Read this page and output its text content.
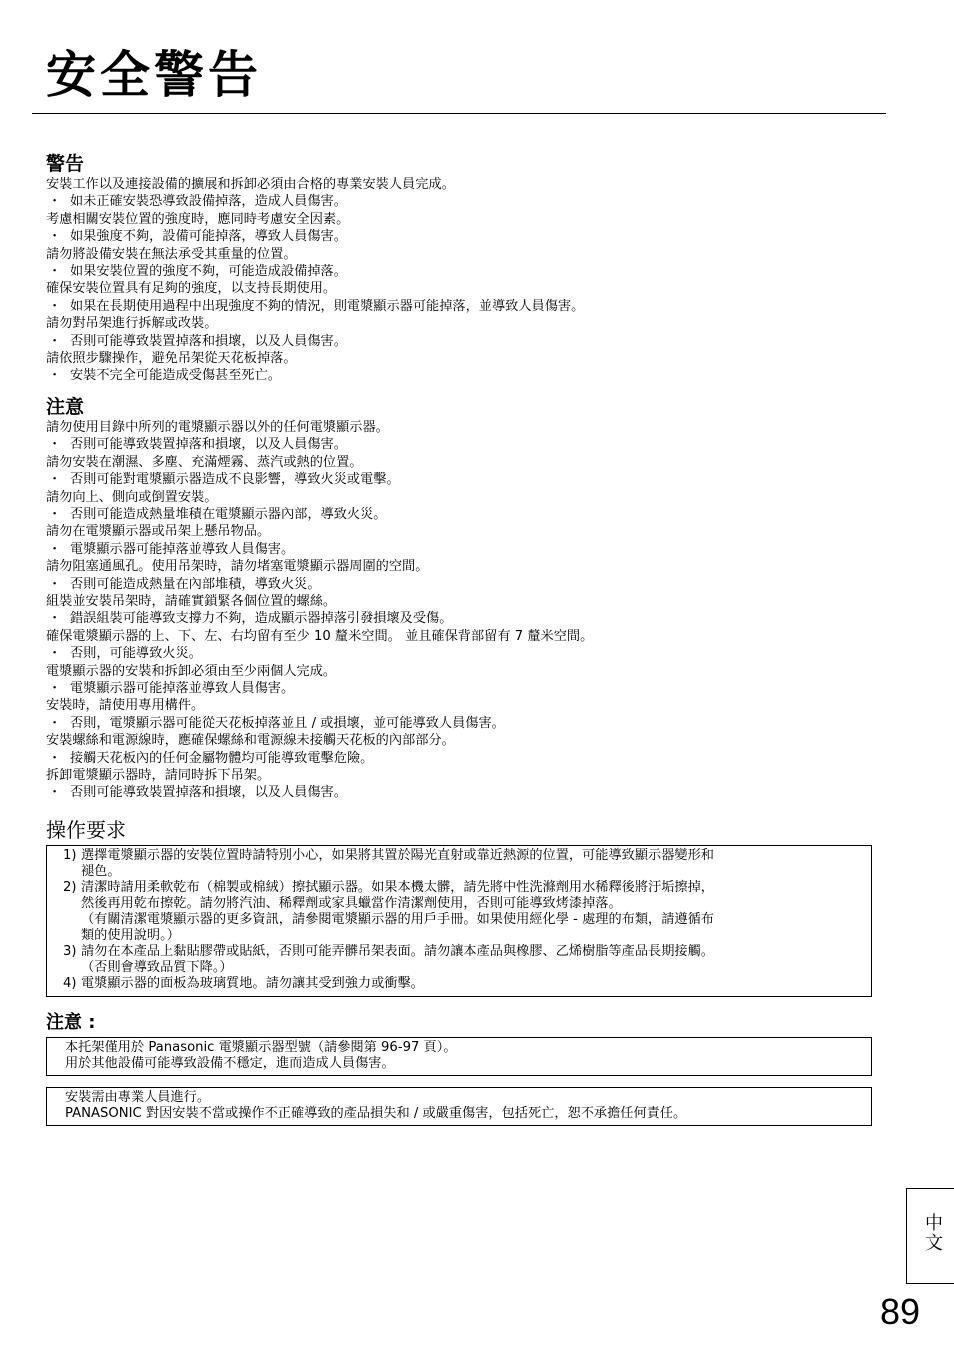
安全警告
警告
安裝工作以及連接設備的擴展和拆卸必須由合格的專業安裝人員完成。
・ 如未正確安裝恐導致設備掉落，造成人員傷害。
考慮相關安裝位置的強度時，應同時考慮安全因素。
・ 如果強度不夠，設備可能掉落，導致人員傷害。
請勿將設備安裝在無法承受其重量的位置。
・ 如果安裝位置的強度不夠，可能造成設備掉落。
確保安裝位置具有足夠的強度，以支持長期使用。
・ 如果在長期使用過程中出現強度不夠的情況，則電漿顯示器可能掉落，並導致人員傷害。
請勿對吊架進行拆解或改裝。
・ 否則可能導致裝置掉落和損壞，以及人員傷害。
請依照步驟操作，避免吊架從天花板掉落。
・ 安裝不完全可能造成受傷甚至死亡。
注意
請勿使用目錄中所列的電漿顯示器以外的任何電漿顯示器。
・ 否則可能導致裝置掉落和損壞，以及人員傷害。
請勿安裝在潮濕、多塵、充滿煙霧、蒸汽或熱的位置。
・ 否則可能對電漿顯示器造成不良影響，導致火災或電擊。
請勿向上、側向或倒置安裝。
・ 否則可能造成熱量堆積在電漿顯示器內部，導致火災。
請勿在電漿顯示器或吊架上懸吊物品。
・ 電漿顯示器可能掉落並導致人員傷害。
請勿阻塞通風孔。使用吊架時，請勿堵塞電漿顯示器周圍的空間。
・ 否則可能造成熱量在內部堆積，導致火災。
組裝並安裝吊架時，請確實鎖緊各個位置的螺絲。
・ 錯誤組裝可能導致支撐力不夠，造成顯示器掉落引發損壞及受傷。
確保電漿顯示器的上、下、左、右均留有至少 10 釐米空間。 並且確保背部留有 7 釐米空間。
・ 否則，可能導致火災。
電漿顯示器的安裝和拆卸必須由至少兩個人完成。
・ 電漿顯示器可能掉落並導致人員傷害。
安裝時，請使用專用構件。
・ 否則，電漿顯示器可能從天花板掉落並且 / 或損壞，並可能導致人員傷害。
安裝螺絲和電源線時，應確保螺絲和電源線未接觸天花板的內部部分。
・ 接觸天花板內的任何金屬物體均可能導致電擊危險。
拆卸電漿顯示器時，請同時拆下吊架。
・ 否則可能導致裝置掉落和損壞，以及人員傷害。
操作要求
1) 選擇電漿顯示器的安裝位置時請特別小心，如果將其置於陽光直射或靠近熱源的位置，可能導致顯示器變形和
褪色。
2) 清潔時請用柔軟乾布（棉製或棉絨）擦拭顯示器。如果本機太髒，請先將中性洗滌劑用水稀釋後將汙垢擦掉，
然後再用乾布擦乾。請勿將汽油、稀釋劑或家具蠟當作清潔劑使用，否則可能導致烤漆掉落。
（有關清潔電漿顯示器的更多資訊，請參閱電漿顯示器的用戶手冊。如果使用經化學 - 處理的布類，請遵循布
類的使用說明。）
3) 請勿在本產品上黏貼膠帶或貼紙，否則可能弄髒吊架表面。請勿讓本產品與橡膠、乙烯樹脂等產品長期接觸。
（否則會導致品質下降。）
4) 電漿顯示器的面板為玻璃質地。請勿讓其受到強力或衝擊。
注意 :
本托架僅用於 Panasonic 電漿顯示器型號（請參閱第 96-97 頁）。
用於其他設備可能導致設備不穩定，進而造成人員傷害。
安裝需由專業人員進行。
PANASONIC 對因安裝不當或操作不正確導致的產品損失和 / 或嚴重傷害，包括死亡，恕不承擔任何責任。
中文
89
